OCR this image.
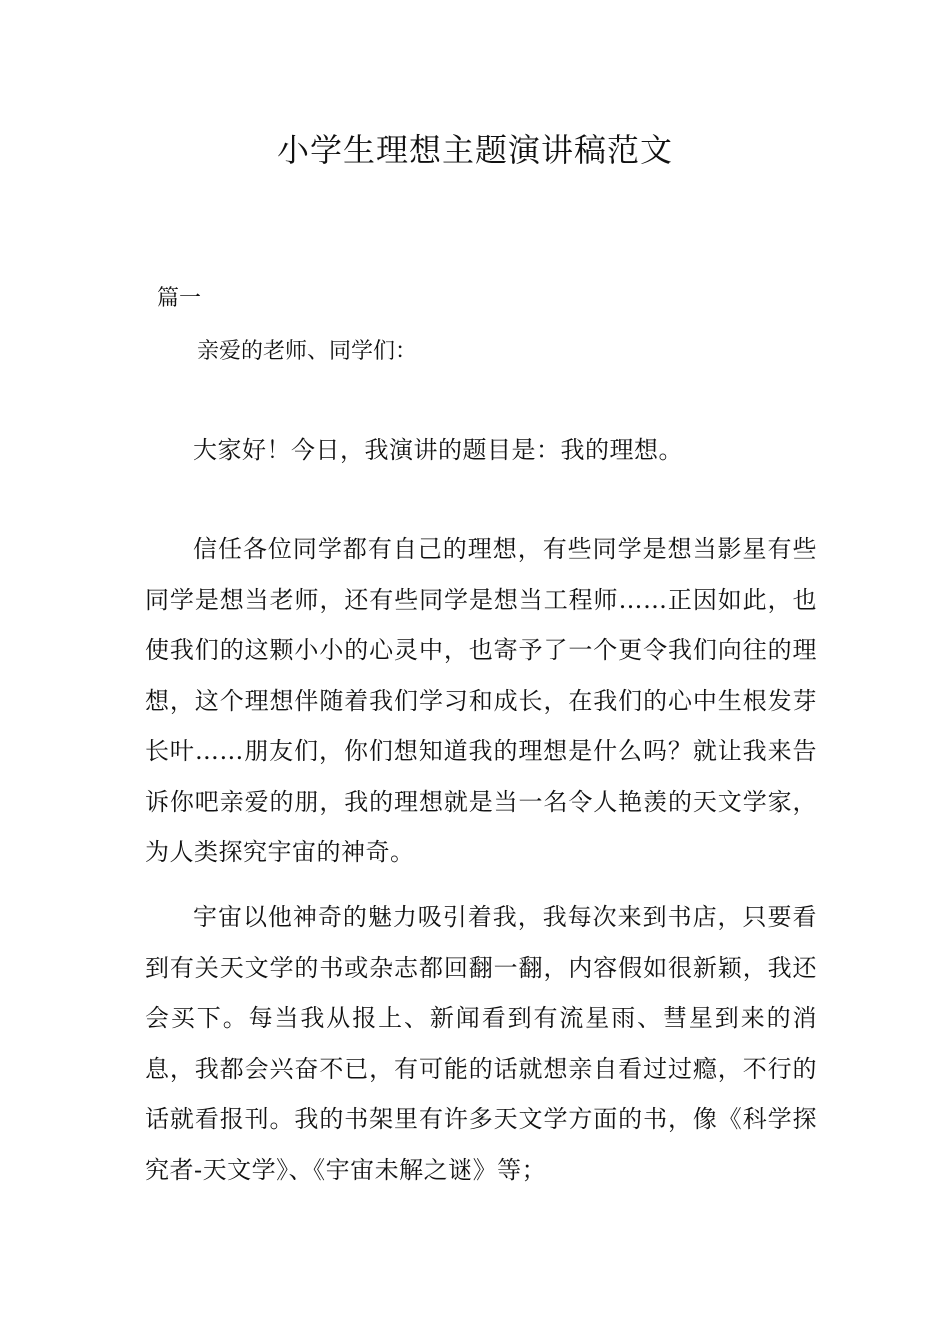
小学生理想主题演讲稿范文
篇一
亲爱的老师、同学们：

大家好！今日，我演讲的题目是：我的理想。

信任各位同学都有自己的理想，有些同学是想当影星有些同学是想当老师，还有些同学是想当工程师……正因如此，也使我们的这颗小小的心灵中，也寄予了一个更令我们向往的理想，这个理想伴随着我们学习和成长，在我们的心中生根发芽长叶……朋友们，你们想知道我的理想是什么吗？就让我来告诉你吧亲爱的朋，我的理想就是当一名令人艳羡的天文学家，为人类探究宇宙的神奇。

宇宙以他神奇的魅力吸引着我，我每次来到书店，只要看到有关天文学的书或杂志都回翻一翻，内容假如很新颖，我还会买下。每当我从报上、新闻看到有流星雨、彗星到来的消息，我都会兴奋不已，有可能的话就想亲自看过过瘾，不行的话就看报刊。我的书架里有许多天文学方面的书，像《科学探究者-天文学》、《宇宙未解之谜》等；
